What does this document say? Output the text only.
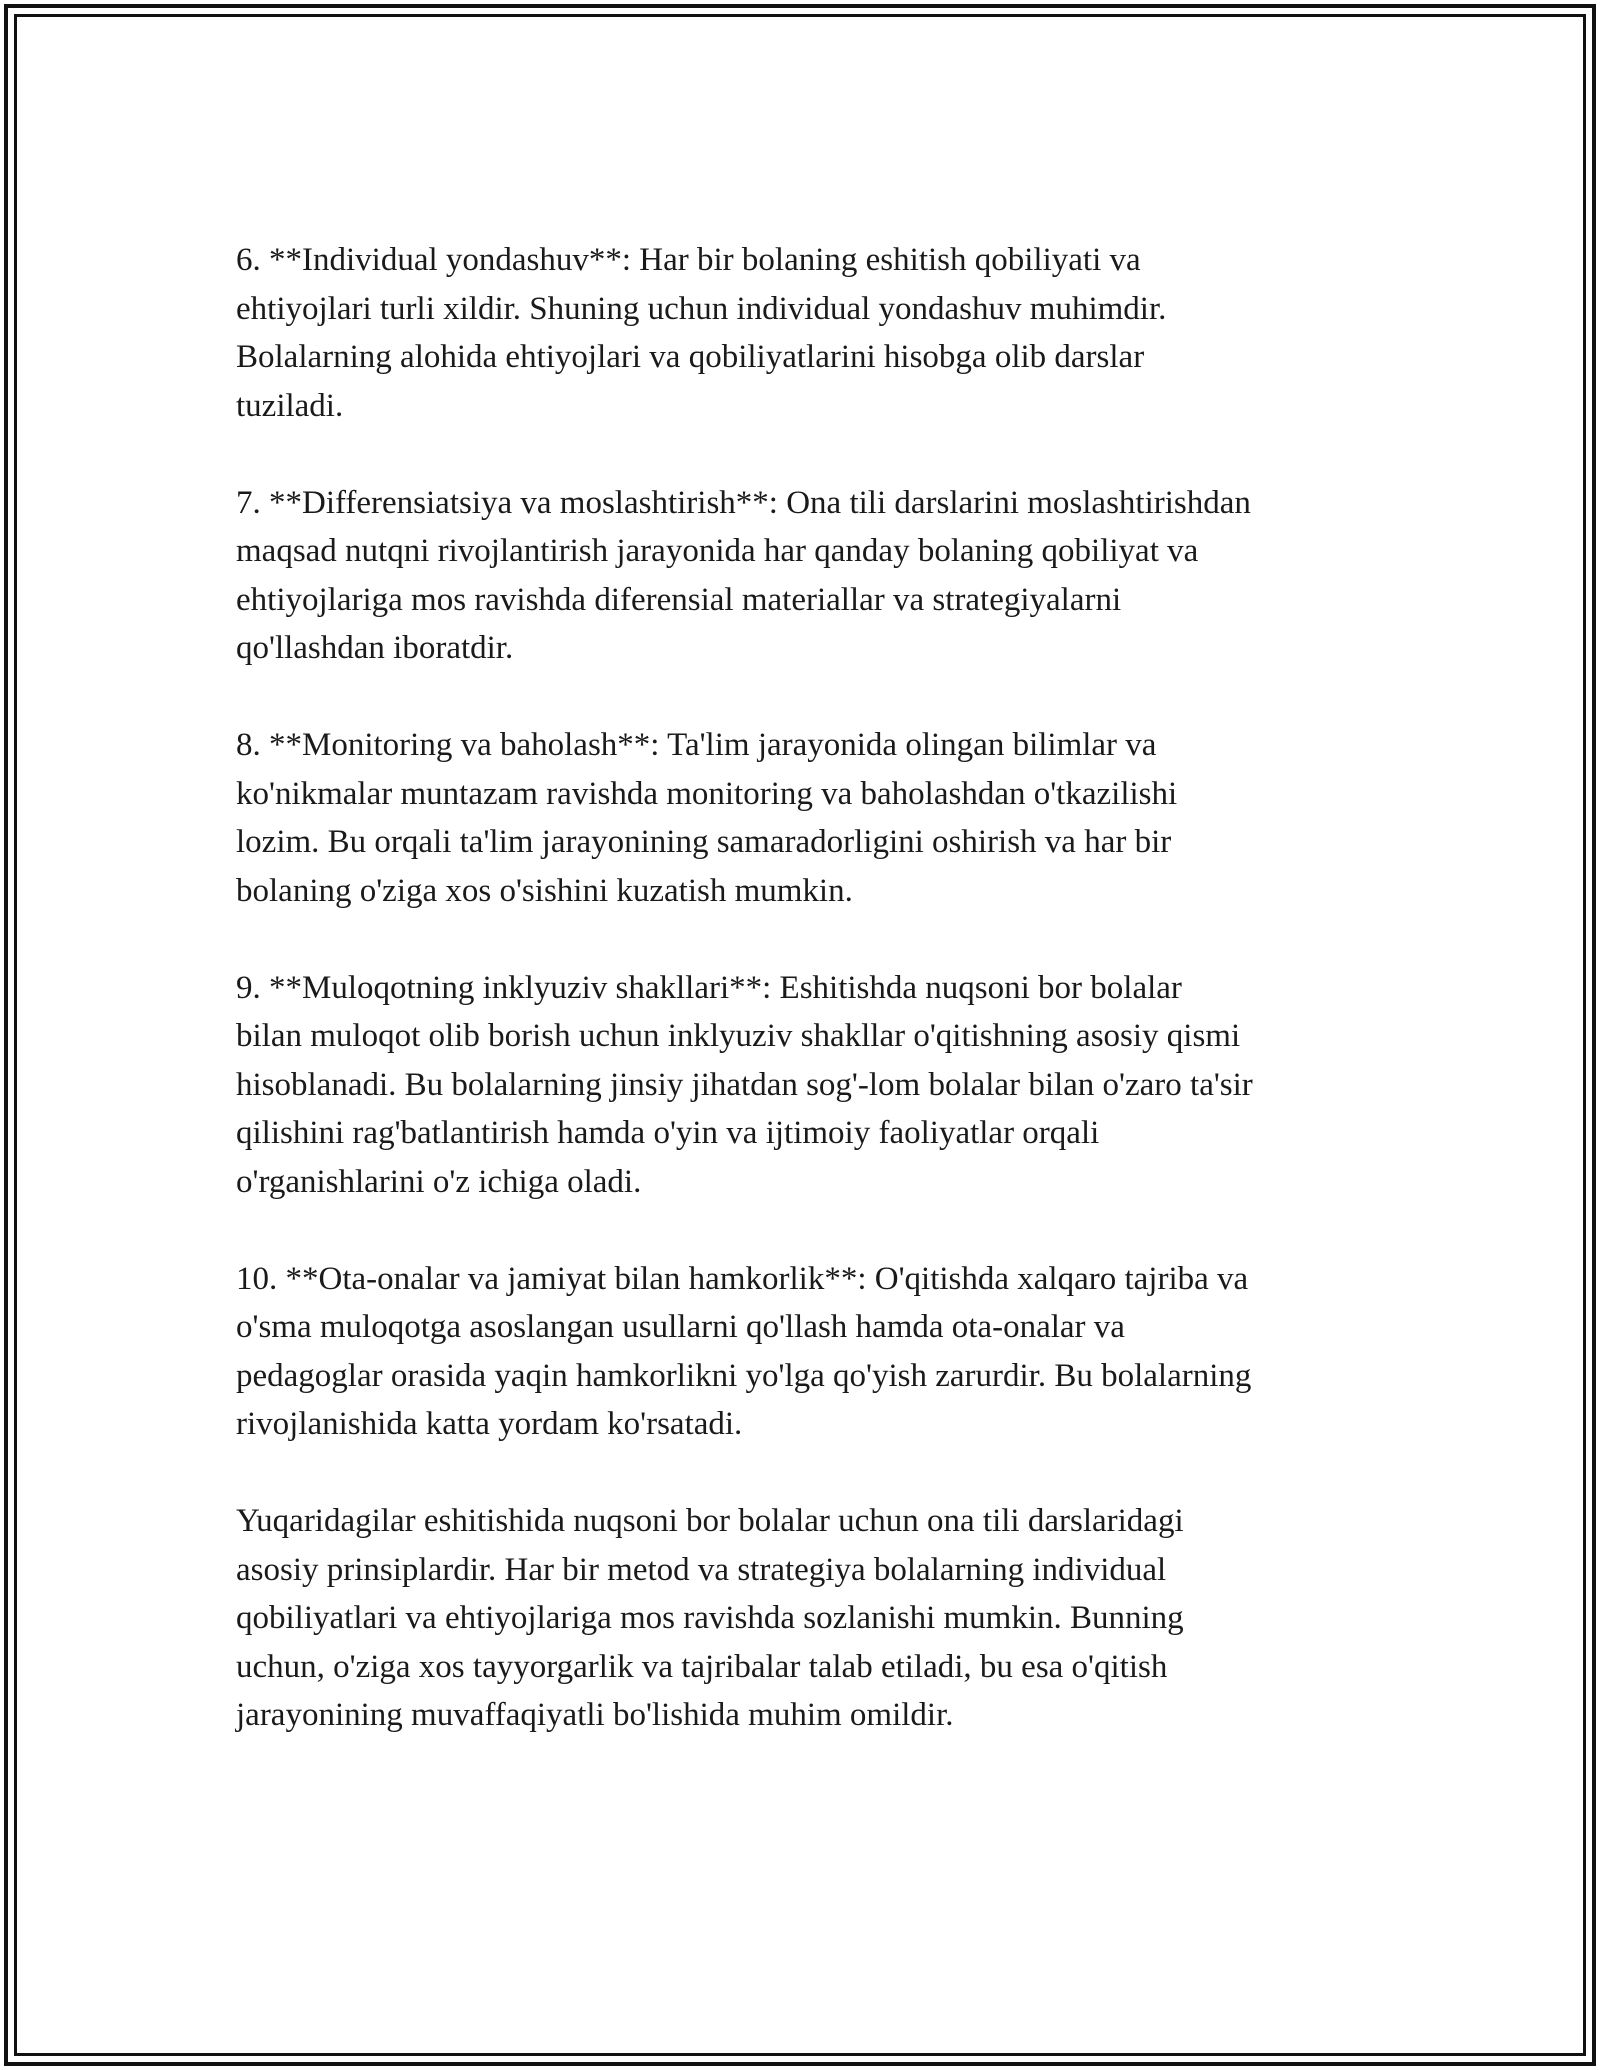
6. **Individual yondashuv**: Har bir bolaning eshitish qobiliyati va
ehtiyojlari turli xildir. Shuning uchun individual yondashuv muhimdir.
Bolalarning alohida ehtiyojlari va qobiliyatlarini hisobga olib darslar
tuziladi.

7. **Differensiatsiya va moslashtirish**: Ona tili darslarini moslashtirishdan
maqsad nutqni rivojlantirish jarayonida har qanday bolaning qobiliyat va
ehtiyojlariga mos ravishda diferensial materiallar va strategiyalarni
qo'llashdan iboratdir.

8. **Monitoring va baholash**: Ta'lim jarayonida olingan bilimlar va
ko'nikmalar muntazam ravishda monitoring va baholashdan o'tkazilishi
lozim. Bu orqali ta'lim jarayonining samaradorligini oshirish va har bir
bolaning o'ziga xos o'sishini kuzatish mumkin.

9. **Muloqotning inklyuziv shakllari**: Eshitishda nuqsoni bor bolalar
bilan muloqot olib borish uchun inklyuziv shakllar o'qitishning asosiy qismi
hisoblanadi. Bu bolalarning jinsiy jihatdan sog'-lom bolalar bilan o'zaro ta'sir
qilishini rag'batlantirish hamda o'yin va ijtimoiy faoliyatlar orqali
o'rganishlarini o'z ichiga oladi.

10. **Ota-onalar va jamiyat bilan hamkorlik**: O'qitishda xalqaro tajriba va
o'sma muloqotga asoslangan usullarni qo'llash hamda ota-onalar va
pedagoglar orasida yaqin hamkorlikni yo'lga qo'yish zarurdir. Bu bolalarning
rivojlanishida katta yordam ko'rsatadi.

Yuqaridagilar eshitishida nuqsoni bor bolalar uchun ona tili darslaridagi
asosiy prinsiplardir. Har bir metod va strategiya bolalarning individual
qobiliyatlari va ehtiyojlariga mos ravishda sozlanishi mumkin. Bunning
uchun, o'ziga xos tayyorgarlik va tajribalar talab etiladi, bu esa o'qitish
jarayonining muvaffaqiyatli bo'lishida muhim omildir.
